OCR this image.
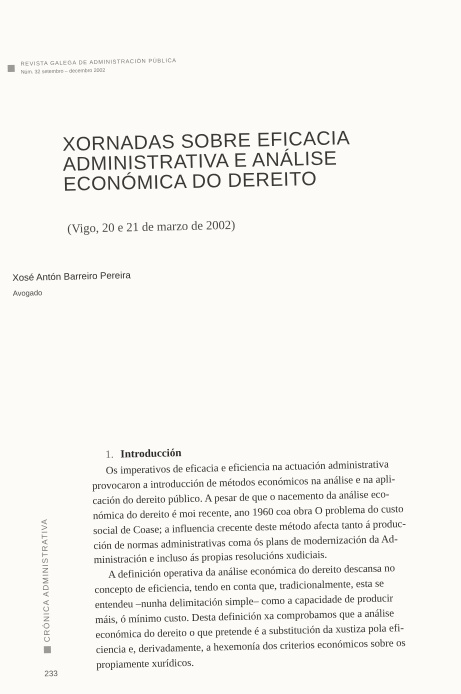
REVISTA GALEGA DE ADMINISTRACIÓN PÚBLICA
Núm. 32 setembro – decembro 2002
XORNADAS SOBRE EFICACIA
ADMINISTRATIVA E ANÁLISE
ECONÓMICA DO DEREITO
(Vigo, 20 e 21 de marzo de 2002)
Xosé Antón Barreiro Pereira
Avogado
1. Introducción

Os imperativos de eficacia e eficiencia na actuación administrativa
provocaron a introducción de métodos económicos na análise e na apli-
cación do dereito público. A pesar de que o nacemento da análise eco-
nómica do dereito é moi recente, ano 1960 coa obra O problema do custo
social de Coase; a influencia crecente deste método afecta tanto á produc-
ción de normas administrativas coma ós plans de modernización da Ad-
ministración e incluso ás propias resolucións xudiciais.

A definición operativa da análise económica do dereito descansa no
concepto de eficiencia, tendo en conta que, tradicionalmente, esta se
entendeu –nunha delimitación simple– como a capacidade de producir
máis, ó mínimo custo. Desta definición xa comprobamos que a análise
económica do dereito o que pretende é a substitución da xustiza pola efi-
ciencia e, derivadamente, a hexemonía dos criterios económicos sobre os
propiamente xurídicos.

CRÓNICA ADMINISTRATIVA
233
